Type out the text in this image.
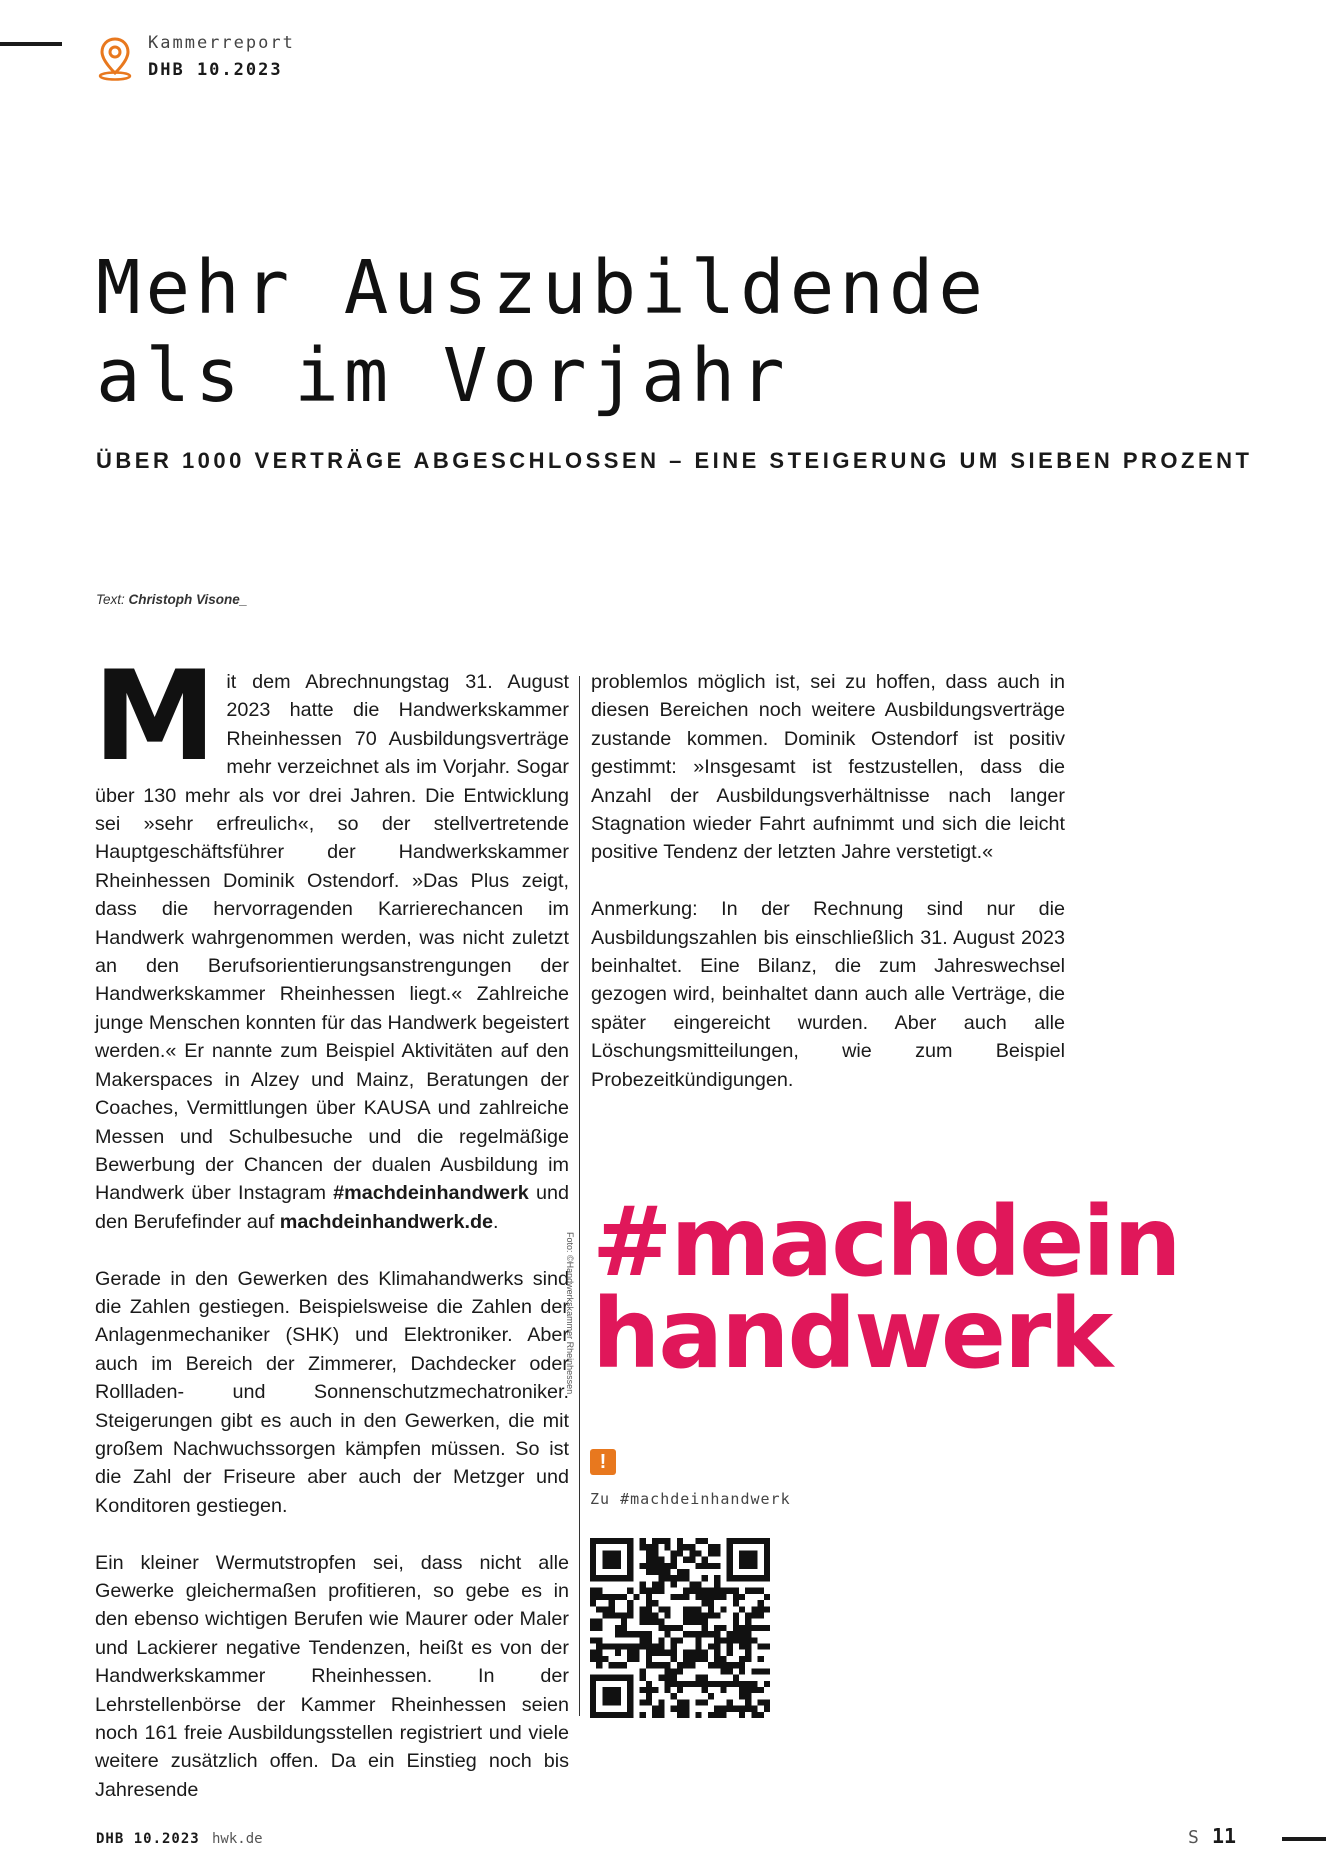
Kammerreport
DHB 10.2023
Mehr Auszubildende
als im Vorjahr
ÜBER 1000 VERTRÄGE ABGESCHLOSSEN – EINE STEIGERUNG UM SIEBEN PROZENT
Text: Christoph Visone_

Mit dem Abrechnungstag 31. August 2023 hatte die Handwerkskammer Rheinhessen 70 Ausbildungsverträge mehr verzeichnet als im Vorjahr. Sogar über 130 mehr als vor drei Jahren. Die Entwicklung sei »sehr erfreulich«, so der stellvertretende Hauptgeschäftsführer der Handwerkskammer Rheinhessen Dominik Ostendorf. »Das Plus zeigt, dass die hervorragenden Karrierechancen im Handwerk wahrgenommen werden, was nicht zuletzt an den Berufsorientierungsanstrengungen der Handwerkskammer Rheinhessen liegt.« Zahlreiche junge Menschen konnten für das Handwerk begeistert werden.« Er nannte zum Beispiel Aktivitäten auf den Makerspaces in Alzey und Mainz, Beratungen der Coaches, Vermittlungen über KAUSA und zahlreiche Messen und Schulbesuche und die regelmäßige Bewerbung der Chancen der dualen Ausbildung im Handwerk über Instagram #machdeinhandwerk und den Berufefinder auf machdeinhandwerk.de.

Gerade in den Gewerken des Klimahandwerks sind die Zahlen gestiegen. Beispielsweise die Zahlen der Anlagenmechaniker (SHK) und Elektroniker. Aber auch im Bereich der Zimmerer, Dachdecker oder Rollladen- und Sonnenschutzmechatroniker. Steigerungen gibt es auch in den Gewerken, die mit großem Nachwuchssorgen kämpfen müssen. So ist die Zahl der Friseure aber auch der Metzger und Konditoren gestiegen.

Ein kleiner Wermutstropfen sei, dass nicht alle Gewerke gleichermaßen profitieren, so gebe es in den ebenso wichtigen Berufen wie Maurer oder Maler und Lackierer negative Tendenzen, heißt es von der Handwerkskammer Rheinhessen. In der Lehrstellenbörse der Kammer Rheinhessen seien noch 161 freie Ausbildungsstellen registriert und viele weitere zusätzlich offen. Da ein Einstieg noch bis Jahresende

problemlos möglich ist, sei zu hoffen, dass auch in diesen Bereichen noch weitere Ausbildungsverträge zustande kommen. Dominik Ostendorf ist positiv gestimmt: »Insgesamt ist festzustellen, dass die Anzahl der Ausbildungsverhältnisse nach langer Stagnation wieder Fahrt aufnimmt und sich die leicht positive Tendenz der letzten Jahre verstetigt.«

Anmerkung: In der Rechnung sind nur die Ausbildungszahlen bis einschließlich 31. August 2023 beinhaltet. Eine Bilanz, die zum Jahreswechsel gezogen wird, beinhaltet dann auch alle Verträge, die später eingereicht wurden. Aber auch alle Löschungsmitteilungen, wie zum Beispiel Probezeitkündigungen.

Foto: ©Handwerkskammer Rheinhessen #machdein
handwerk
!
Zu #machdeinhandwerk
DHB 10.2023 hwk.de	S 11
